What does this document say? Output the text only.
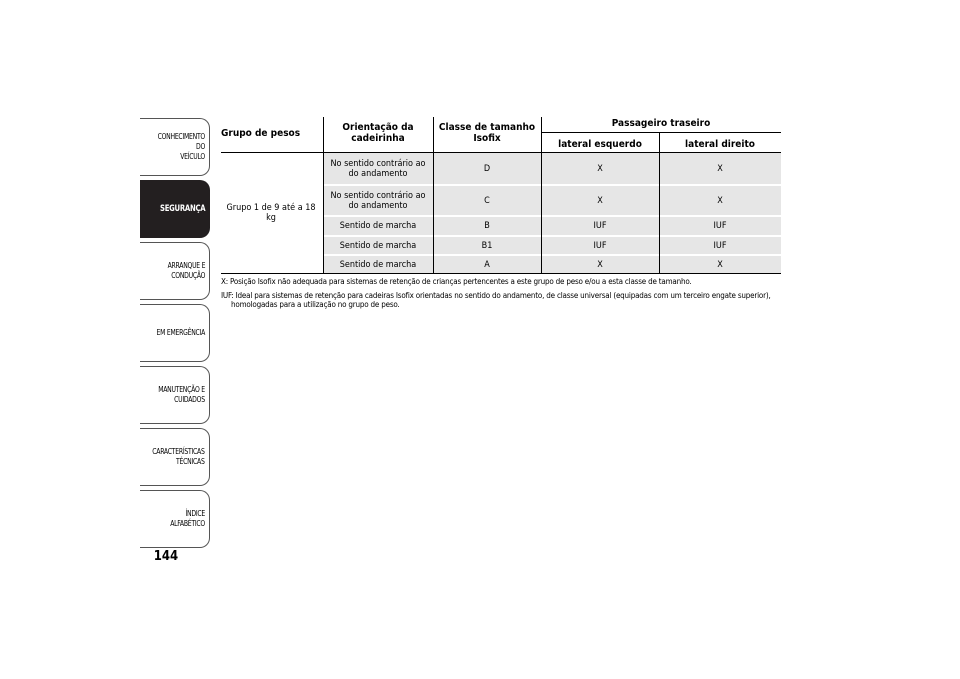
CONHECIMENTO DO
VEÍCULO
SEGURANÇA
ARRANQUE E
CONDUÇÃO
EM EMERGÊNCIA
MANUTENÇÃO E
CUIDADOS
CARACTERÍSTICAS
TÉCNICAS
ÍNDICE ALFABÉTICO
144
Grupo de pesos
Orientação da
cadeirinha
Classe de tamanho
Isofix
Passageiro traseiro
lateral esquerdo	lateral direito
Grupo 1 de 9 até a 18 kg
No sentido contrário ao
do andamento	D	X	X
No sentido contrário ao
do andamento	C	X	X
Sentido de marcha	B	IUF	IUF
Sentido de marcha	B1	IUF	IUF
Sentido de marcha	A	X	X
X: Posição Isofix não adequada para sistemas de retenção de crianças pertencentes a este grupo de peso e/ou a esta classe de tamanho.
IUF: Ideal para sistemas de retenção para cadeiras Isofix orientadas no sentido do andamento, de classe universal (equipadas com um terceiro engate superior),
homologadas para a utilização no grupo de peso.
